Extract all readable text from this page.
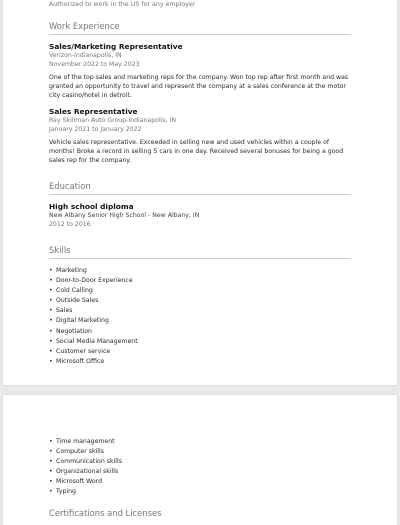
Authorized to work in the US for any employer
Work Experience
Sales/Marketing Representative
Verizon-Indianapolis, IN
November 2022 to May 2023
One of the top sales and marketing reps for the company. Won top rep after first month and was granted an opportunity to travel and represent the company at a sales conference at the motor city casino/hotel in detroit.
Sales Representative
Ray Skillman Auto Group-Indianapolis, IN
January 2021 to January 2022
Vehicle sales representative. Exceeded in selling new and used vehicles within a couple of months! Broke a record in selling 5 cars in one day. Received several bonuses for being a good sales rep for the company.
Education
High school diploma
New Albany Senior High School - New Albany, IN
2012 to 2016
Skills
• Marketing
• Door-to-Door Experience
• Cold Calling
• Outside Sales
• Sales
• Digital Marketing
• Negotiation
• Social Media Management
• Customer service
• Microsoft Office
• Time management
• Computer skills
• Communication skills
• Organizational skills
• Microsoft Word
• Typing
Certifications and Licenses
